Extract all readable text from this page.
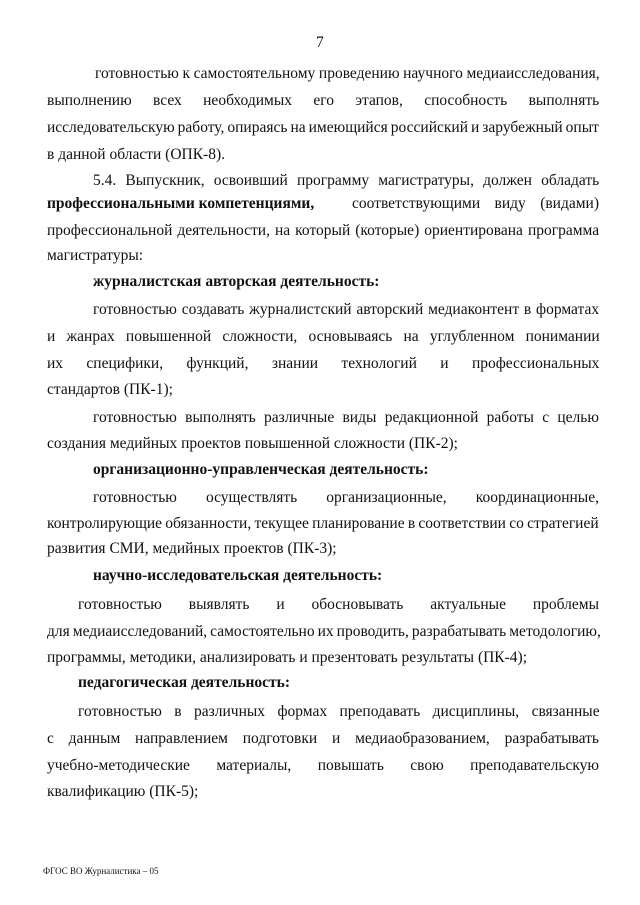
7
готовностью к самостоятельному проведению научного медиаисследования,
выполнению всех необходимых его этапов, способность выполнять
исследовательскую работу, опираясь на имеющийся российский и зарубежный опыт
в данной области (ОПК-8).
5.4. Выпускник, освоивший программу магистратуры, должен обладать
профессиональными компетенциями, соответствующими виду (видами)
профессиональной деятельности, на который (которые) ориентирована программа
магистратуры:
журналистская авторская деятельность:
готовностью создавать журналистский авторский медиаконтент в форматах
и жанрах повышенной сложности, основываясь на углубленном понимании
их специфики, функций, знании технологий и профессиональных
стандартов (ПК-1);
готовностью выполнять различные виды редакционной работы с целью
создания медийных проектов повышенной сложности (ПК-2);
организационно-управленческая деятельность:
готовностью осуществлять организационные, координационные,
контролирующие обязанности, текущее планирование в соответствии со стратегией
развития СМИ, медийных проектов (ПК-3);
научно-исследовательская деятельность:
готовностью выявлять и обосновывать актуальные проблемы
для медиаисследований, самостоятельно их проводить, разрабатывать методологию,
программы, методики, анализировать и презентовать результаты (ПК-4);
педагогическая деятельность:
готовностью в различных формах преподавать дисциплины, связанные
с данным направлением подготовки и медиаобразованием, разрабатывать
учебно-методические материалы, повышать свою преподавательскую
квалификацию (ПК-5);
ФГОС ВО Журналистика – 05
